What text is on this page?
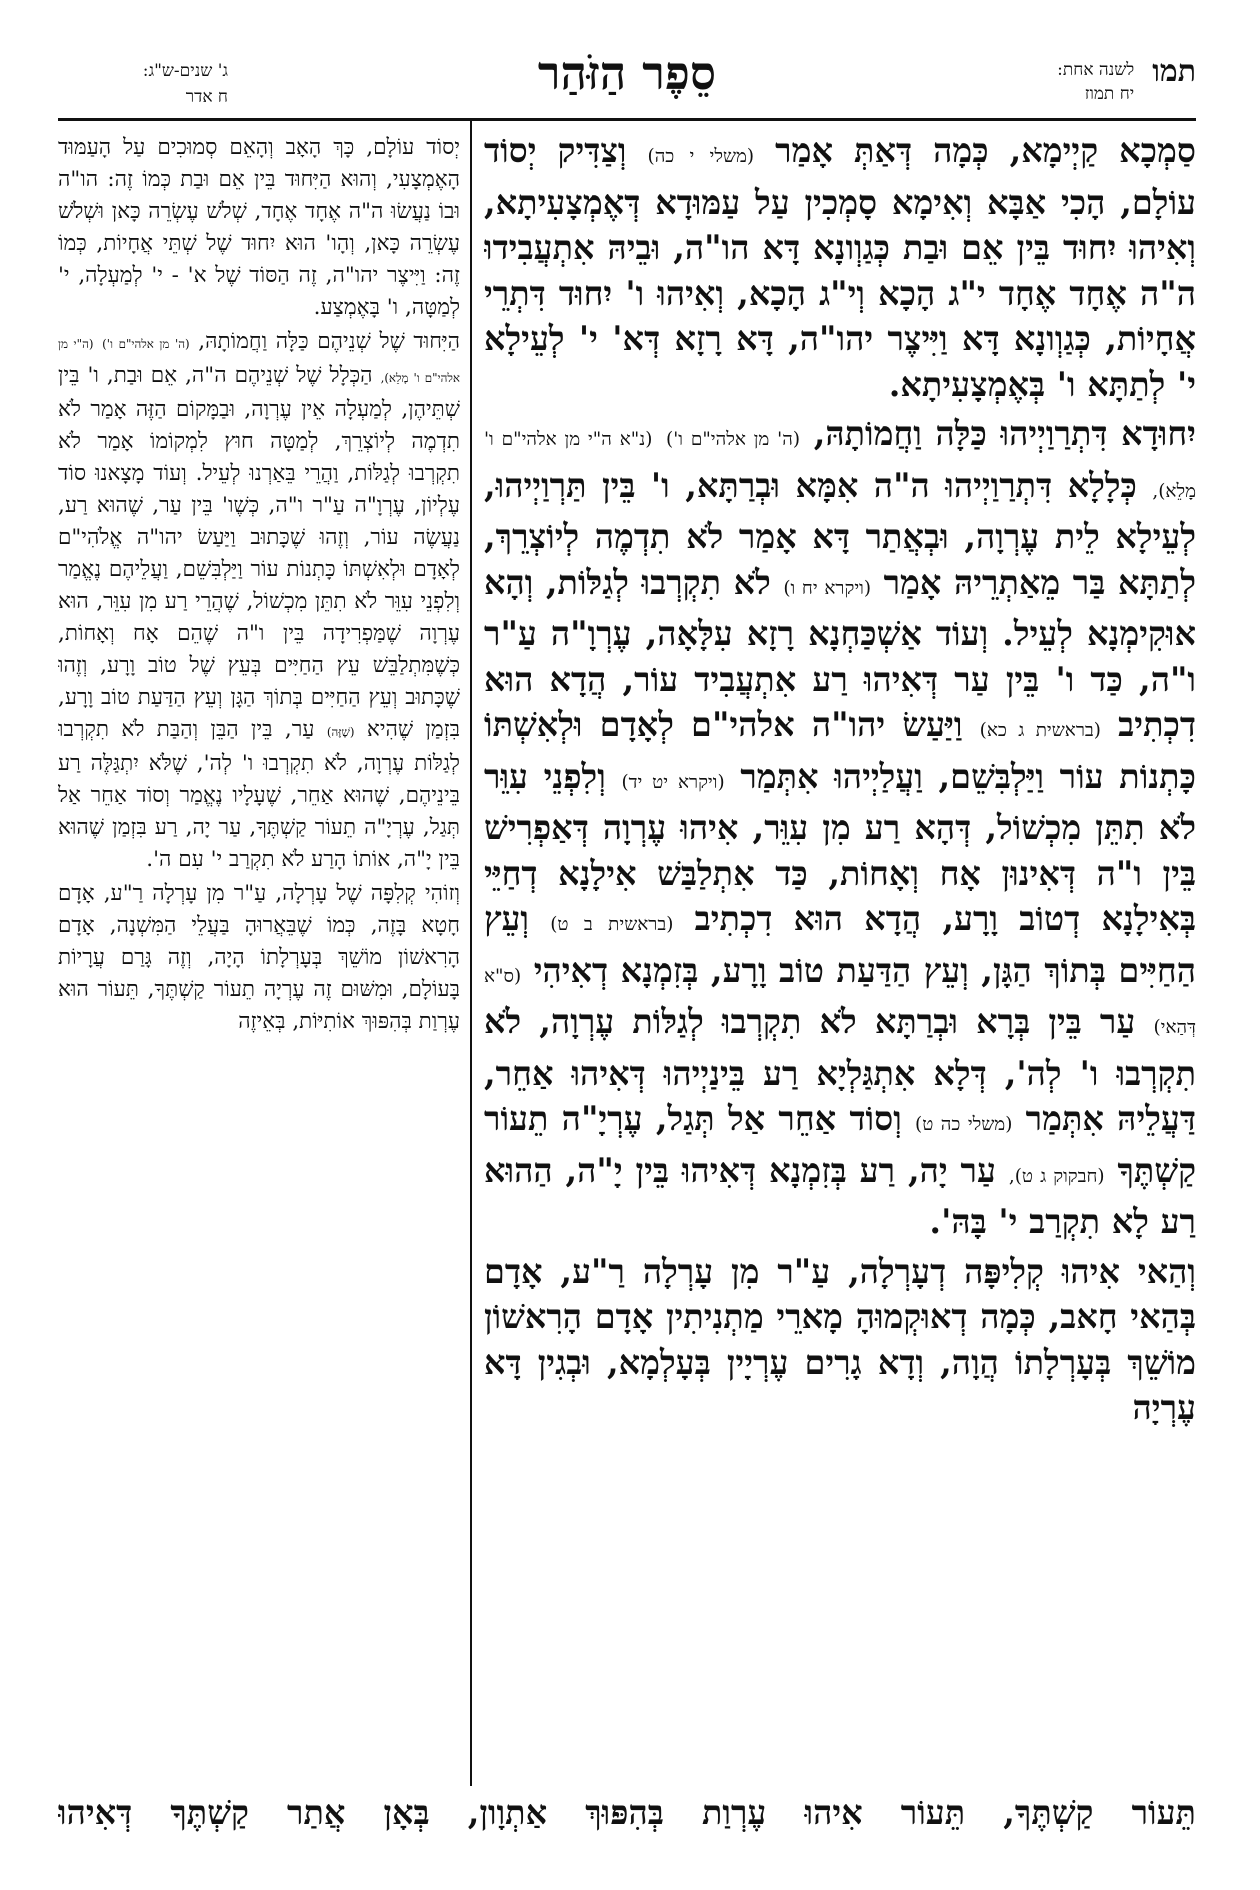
תמו
לשנה אחת:
יח תמוז
סֵפֶר הַזֹּהַר
ג' שנים-ש"ג:
ח אדר

סַמְכָא קַיְימָא, כְּמָה דְּאַתְּ אָמַר (משלי י כה) וְצַדִּיק יְסוֹד עוֹלָם, הָכִי אַבָּא וְאִימָא סָמְכִין עַל עַמּוּדָא דְּאֶמְצָעִיתָא, וְאִיהוּ יִחוּד בֵּין אֵם וּבַת כְּגַוְונָא דָּא הו"ה, וּבֵיהּ אִתְעֲבִידוּ ה"ה אֶחָד אֶחָד י"ג הָכָא וְי"ג הָכָא, וְאִיהוּ ו' יִחוּד דִּתְרֵי אֲחָיוֹת, כְּגַוְונָא דָּא וַיִּיצֶר יהו"ה, דָּא רָזָא דְּא' י' לְעֵילָא י' לְתַתָּא ו' בְּאֶמְצָעִיתָא.

יִחוּדָא דִּתְרַוַיְיהוּ כַּלָּה וַחֲמוֹתָהּ, (ה' מן אלהי"ם ו') (נ"א ה"י מן אלהי"ם ו' מָלֵא), כְּלָלָא דִּתְרַוַיְיהוּ ה"ה אִמָּא וּבְרַתָּא, ו' בֵּין תַּרְוַיְיהוּ, לְעֵילָא לֵית עֶרְוָה, וּבְאֲתַר דָּא אָמַר לֹא תִדְמֶה לְיוֹצְרֵךְ, לְתַתָּא בַּר מֵאַתְרֵיהּ אָמַר (ויקרא יח ו) לֹא תִקְרְבוּ לְגַלּוֹת, וְהָא אוּקִימְנָא לְעֵיל. וְעוֹד אַשְׁכַּחְנָא רָזָא עִלָּאָה, עֶרְוָ"ה עַ"ר ו"ה, כַּד ו' בֵּין עַר דְּאִיהוּ רַע אִתְעֲבִיד עוֹר, הֲדָא הוּא דִכְתִיב (בראשית ג כא) וַיַּעַשׂ יהו"ה אלהי"ם לְאָדָם וּלְאִשְׁתּוֹ כָּתְנוֹת עוֹר וַיַּלְבִּשֵׁם, וַעֲלַיְיהוּ אִתְּמַר (ויקרא יט יד) וְלִפְנֵי עִוֵּר לֹא תִתֵּן מִכְשׁוֹל, דְּהָא רַע מִן עִוֵּר, אִיהוּ עֶרְוָה דְּאַפְרִישׁ בֵּין ו"ה דְּאִינוּן אָח וְאָחוֹת, כַּד אִתְלַבַּשׁ אִילָנָא דְחַיֵּי בְּאִילָנָא דְטוֹב וָרָע, הֲדָא הוּא דִכְתִיב (בראשית ב ט) וְעֵץ הַחַיִּים בְּתוֹךְ הַגָּן, וְעֵץ הַדַּעַת טוֹב וָרָע, בְּזִמְנָא דְאִיהִי (ס"א דְּהַאי) עַר בֵּין בְּרָא וּבְרַתָּא לֹא תִקְרְבוּ לְגַלּוֹת עֶרְוָה, לֹא תִקְרְבוּ ו' לְה', דְּלָא אִתְגַּלְיָא רַע בֵּינַיְיהוּ דְּאִיהוּ אַחֵר, דַּעֲלֵיהּ אִתְּמַר (משלי כה ט) וְסוֹד אַחֵר אַל תְּגַל, עֶרְיָ"ה תֵעוֹר קַשְׁתֶּךָ (חבקוק ג ט), עַר יָה, רַע בְּזִמְנָא דְּאִיהוּ בֵּין יָ"ה, הַהוּא רַע לָא תִקְרַב י' בָּהּ'.

וְהַאי אִיהוּ קְלִיפָּה דְעָרְלָה, עַ"ר מִן עָרְלָה רַ"ע, אָדָם בְּהַאי חָאב, כְּמָה דְאוּקְמוּהָ מָארֵי מַתְנִיתִין אָדָם הָרִאשׁוֹן מוֹשֵׁךְ בְּעָרְלָתוֹ הֲוָה, וְדָא גָרִים עֶרְיָין בְּעָלְמָא, וּבְגִין דָּא עֶרְיָה

יְסוֹד עוֹלָם, כָּךְ הָאָב וְהָאֵם סְמוּכִים עַל הָעַמּוּד הָאֶמְצָעִי, וְהוּא הַיִּחוּד בֵּין אֵם וּבַת כְּמוֹ זֶה: הו"ה וּבוֹ נַעֲשׂוּ ה"ה אֶחָד אֶחָד, שְׁלֹשׁ עֶשְׂרֵה כָּאן וּשְׁלֹשׁ עֶשְׂרֵה כָּאן, וְהָו' הוּא יִחוּד שֶׁל שְׁתֵּי אֲחָיוֹת, כְּמוֹ זֶה: וַיִּיצֶר יהו"ה, זֶה הַסּוֹד שֶׁל א' - י' לְמַעְלָה, י' לְמַטָּה, ו' בָּאֶמְצַע.

הַיִּחוּד שֶׁל שְׁנֵיהֶם כַּלָּה וַחֲמוֹתָהּ, (ה' מן אלהי"ם ו') (ה"י מן אלהי"ם ו' מָלֵא), הַכְּלָל שֶׁל שְׁנֵיהֶם ה"ה, אֵם וּבַת, ו' בֵּין שְׁתֵּיהֶן, לְמַעְלָה אֵין עֶרְוָה, וּבַמָּקוֹם הַזֶּה אָמַר לֹא תִדְמֶה לְיוֹצְרֵךְ, לְמַטָּה חוּץ לִמְקוֹמוֹ אָמַר לֹא תִקְרְבוּ לְגַלּוֹת, וַהֲרֵי בֵּאַרְנוּ לְעֵיל. וְעוֹד מָצָאנוּ סוֹד עֶלְיוֹן, עֶרְוָ"ה עַ"ר ו"ה, כְּשֶׁו' בֵּין עַר, שֶׁהוּא רַע, נַעֲשֶׂה עוֹר, וְזֶהוּ שֶׁכָּתוּב וַיַּעַשׂ יהו"ה אֱלֹהִי"ם לְאָדָם וּלְאִשְׁתּוֹ כָּתְנוֹת עוֹר וַיַּלְבִּשֵׁם, וַעֲלֵיהֶם נֶאֱמַר וְלִפְנֵי עִוֵּר לֹא תִתֵּן מִכְשׁוֹל, שֶׁהֲרֵי רַע מִן עִוֵּר, הוּא עֶרְוָה שֶׁמַּפְרִידָה בֵּין ו"ה שֶׁהֵם אָח וְאָחוֹת, כְּשֶׁמִּתְלַבֵּשׁ עֵץ הַחַיִּים בְּעֵץ שֶׁל טוֹב וָרָע, וְזֶהוּ שֶׁכָּתוּב וְעֵץ הַחַיִּים בְּתוֹךְ הַגָּן וְעֵץ הַדַּעַת טוֹב וָרָע, בִּזְמַן שֶׁהִיא (שֶׁזֶּה) עַר, בֵּין הַבֵּן וְהַבַּת לֹא תִקְרְבוּ לְגַלּוֹת עֶרְוָה, לֹא תִקְרְבוּ ו' לְה', שֶׁלֹּא יִתְגַּלֶּה רַע בֵּינֵיהֶם, שֶׁהוּא אַחֵר, שֶׁעָלָיו נֶאֱמַר וְסוֹד אַחֵר אַל תְּגַל, עֶרְיָ"ה תֵעוֹר קַשְׁתֶּךָ, עַר יָה, רַע בִּזְמַן שֶׁהוּא בֵּין יָ"ה, אוֹתוֹ הָרַע לֹא תִקְרַב י' עִם ה'.

וְזוֹהִי קְלִפָּה שֶׁל עָרְלָה, עַ"ר מִן עָרְלָה רַ"ע, אָדָם חָטָא בָּזֶה, כְּמוֹ שֶׁבֵּאֲרוּהָ בַּעֲלֵי הַמִּשְׁנָה, אָדָם הָרִאשׁוֹן מוֹשֵׁךְ בְּעָרְלָתוֹ הָיָה, וְזֶה גָּרַם עֲרָיוֹת בָּעוֹלָם, וּמִשּׁוּם זֶה עֶרְיָה תֵעוֹר קַשְׁתֶּךָ, תֵּעוֹר הוּא עֶרְוַת בְּהִפּוּךְ אוֹתִיּוֹת, בְּאֵיזֶה

תֵּעוֹר קַשְׁתֶּךָ, תֵּעוֹר אִיהוּ עֶרְוַת בְּהִפּוּךְ אַתְוָון, בְּאָן אֲתַר קַשְׁתֶּךָ דְּאִיהוּ
